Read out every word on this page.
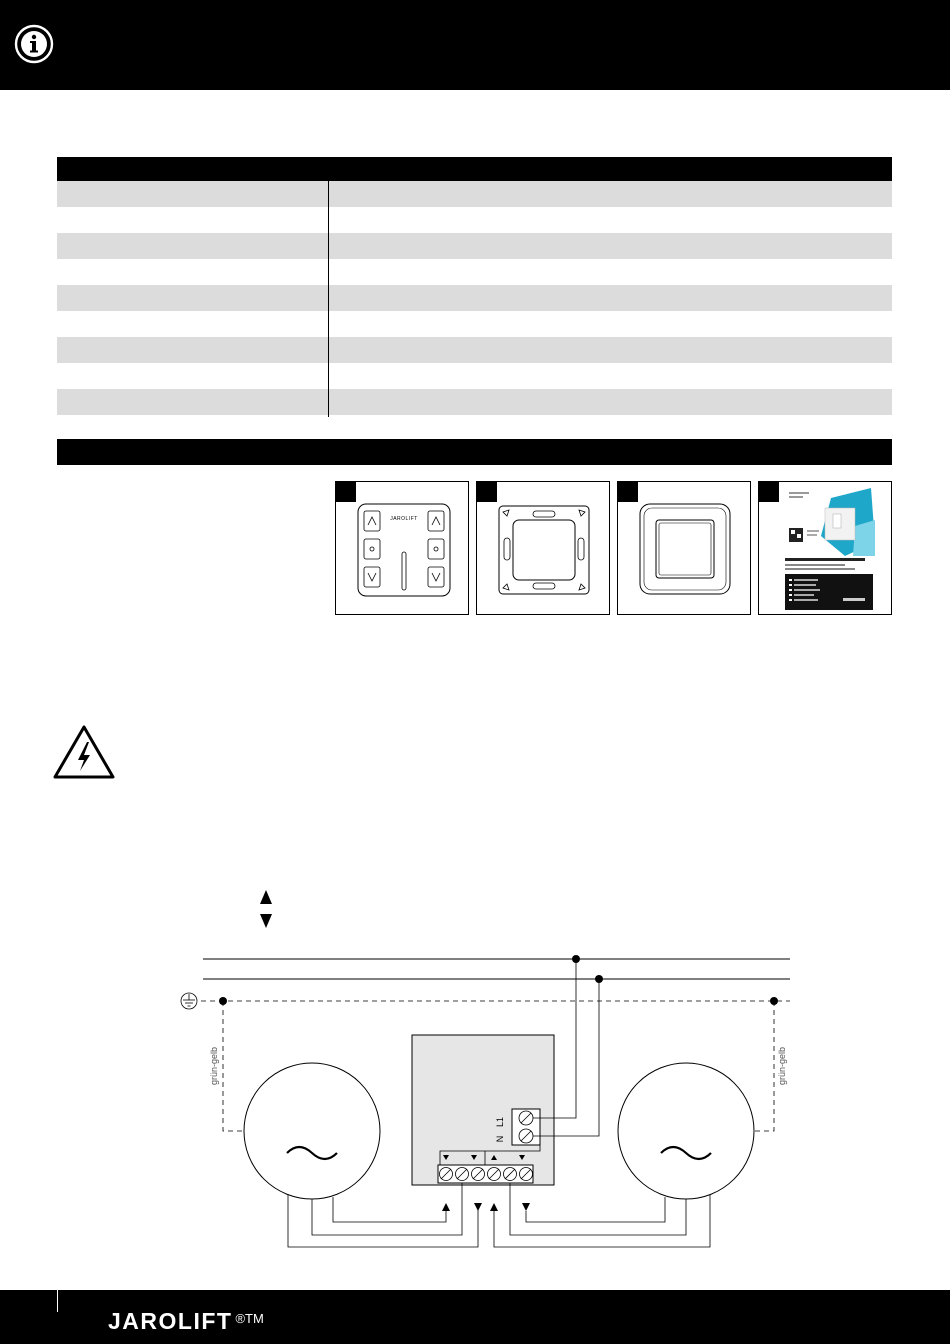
JAROLIFT
grün-gelb	grün-gelb
L1
N
JAROLIFT $^{®TM}$
